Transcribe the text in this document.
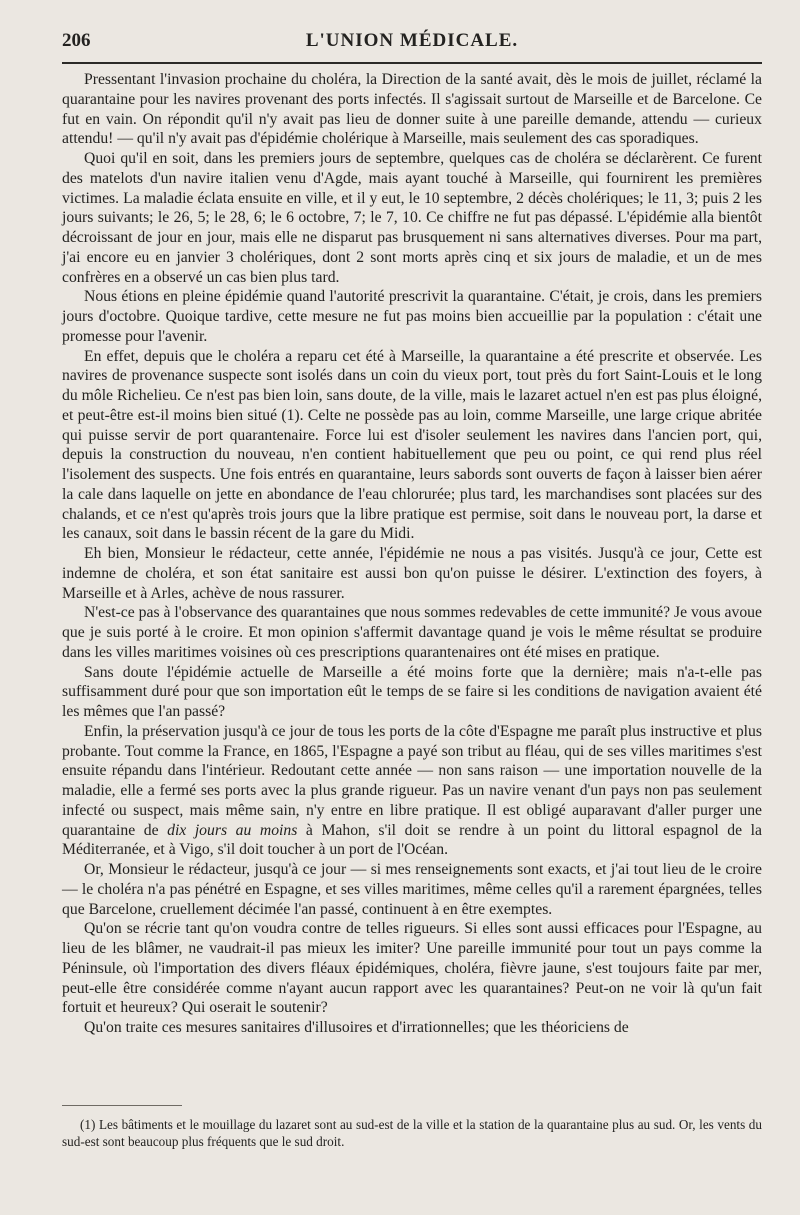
206	L'UNION MÉDICALE.

Pressentant l'invasion prochaine du choléra, la Direction de la santé avait, dès le mois de juillet, réclamé la quarantaine pour les navires provenant des ports infectés. Il s'agissait surtout de Marseille et de Barcelone. Ce fut en vain. On répondit qu'il n'y avait pas lieu de donner suite à une pareille demande, attendu — curieux attendu! — qu'il n'y avait pas d'épidémie cholérique à Marseille, mais seulement des cas sporadiques.

Quoi qu'il en soit, dans les premiers jours de septembre, quelques cas de choléra se déclarèrent. Ce furent des matelots d'un navire italien venu d'Agde, mais ayant touché à Marseille, qui fournirent les premières victimes. La maladie éclata ensuite en ville, et il y eut, le 10 septembre, 2 décès cholériques; le 11, 3; puis 2 les jours suivants; le 26, 5; le 28, 6; le 6 octobre, 7; le 7, 10. Ce chiffre ne fut pas dépassé. L'épidémie alla bientôt décroissant de jour en jour, mais elle ne disparut pas brusquement ni sans alternatives diverses. Pour ma part, j'ai encore eu en janvier 3 cholériques, dont 2 sont morts après cinq et six jours de maladie, et un de mes confrères en a observé un cas bien plus tard.

Nous étions en pleine épidémie quand l'autorité prescrivit la quarantaine. C'était, je crois, dans les premiers jours d'octobre. Quoique tardive, cette mesure ne fut pas moins bien accueillie par la population : c'était une promesse pour l'avenir.

En effet, depuis que le choléra a reparu cet été à Marseille, la quarantaine a été prescrite et observée. Les navires de provenance suspecte sont isolés dans un coin du vieux port, tout près du fort Saint-Louis et le long du môle Richelieu. Ce n'est pas bien loin, sans doute, de la ville, mais le lazaret actuel n'en est pas plus éloigné, et peut-être est-il moins bien situé (1). Celte ne possède pas au loin, comme Marseille, une large crique abritée qui puisse servir de port quarantenaire. Force lui est d'isoler seulement les navires dans l'ancien port, qui, depuis la construction du nouveau, n'en contient habituellement que peu ou point, ce qui rend plus réel l'isolement des suspects. Une fois entrés en quarantaine, leurs sabords sont ouverts de façon à laisser bien aérer la cale dans laquelle on jette en abondance de l'eau chlorurée; plus tard, les marchandises sont placées sur des chalands, et ce n'est qu'après trois jours que la libre pratique est permise, soit dans le nouveau port, la darse et les canaux, soit dans le bassin récent de la gare du Midi.

Eh bien, Monsieur le rédacteur, cette année, l'épidémie ne nous a pas visités. Jusqu'à ce jour, Cette est indemne de choléra, et son état sanitaire est aussi bon qu'on puisse le désirer. L'extinction des foyers, à Marseille et à Arles, achève de nous rassurer.

N'est-ce pas à l'observance des quarantaines que nous sommes redevables de cette immunité? Je vous avoue que je suis porté à le croire. Et mon opinion s'affermit davantage quand je vois le même résultat se produire dans les villes maritimes voisines où ces prescriptions quarantenaires ont été mises en pratique.

Sans doute l'épidémie actuelle de Marseille a été moins forte que la dernière; mais n'a-t-elle pas suffisamment duré pour que son importation eût le temps de se faire si les conditions de navigation avaient été les mêmes que l'an passé?

Enfin, la préservation jusqu'à ce jour de tous les ports de la côte d'Espagne me paraît plus instructive et plus probante. Tout comme la France, en 1865, l'Espagne a payé son tribut au fléau, qui de ses villes maritimes s'est ensuite répandu dans l'intérieur. Redoutant cette année — non sans raison — une importation nouvelle de la maladie, elle a fermé ses ports avec la plus grande rigueur. Pas un navire venant d'un pays non pas seulement infecté ou suspect, mais même sain, n'y entre en libre pratique. Il est obligé auparavant d'aller purger une quarantaine de dix jours au moins à Mahon, s'il doit se rendre à un point du littoral espagnol de la Méditerranée, et à Vigo, s'il doit toucher à un port de l'Océan.

Or, Monsieur le rédacteur, jusqu'à ce jour — si mes renseignements sont exacts, et j'ai tout lieu de le croire — le choléra n'a pas pénétré en Espagne, et ses villes maritimes, même celles qu'il a rarement épargnées, telles que Barcelone, cruellement décimée l'an passé, continuent à en être exemptes.

Qu'on se récrie tant qu'on voudra contre de telles rigueurs. Si elles sont aussi efficaces pour l'Espagne, au lieu de les blâmer, ne vaudrait-il pas mieux les imiter? Une pareille immunité pour tout un pays comme la Péninsule, où l'importation des divers fléaux épidémiques, choléra, fièvre jaune, s'est toujours faite par mer, peut-elle être considérée comme n'ayant aucun rapport avec les quarantaines? Peut-on ne voir là qu'un fait fortuit et heureux? Qui oserait le soutenir?

Qu'on traite ces mesures sanitaires d'illusoires et d'irrationnelles; que les théoriciens de

(1) Les bâtiments et le mouillage du lazaret sont au sud-est de la ville et la station de la quarantaine plus au sud. Or, les vents du sud-est sont beaucoup plus fréquents que le sud droit.
